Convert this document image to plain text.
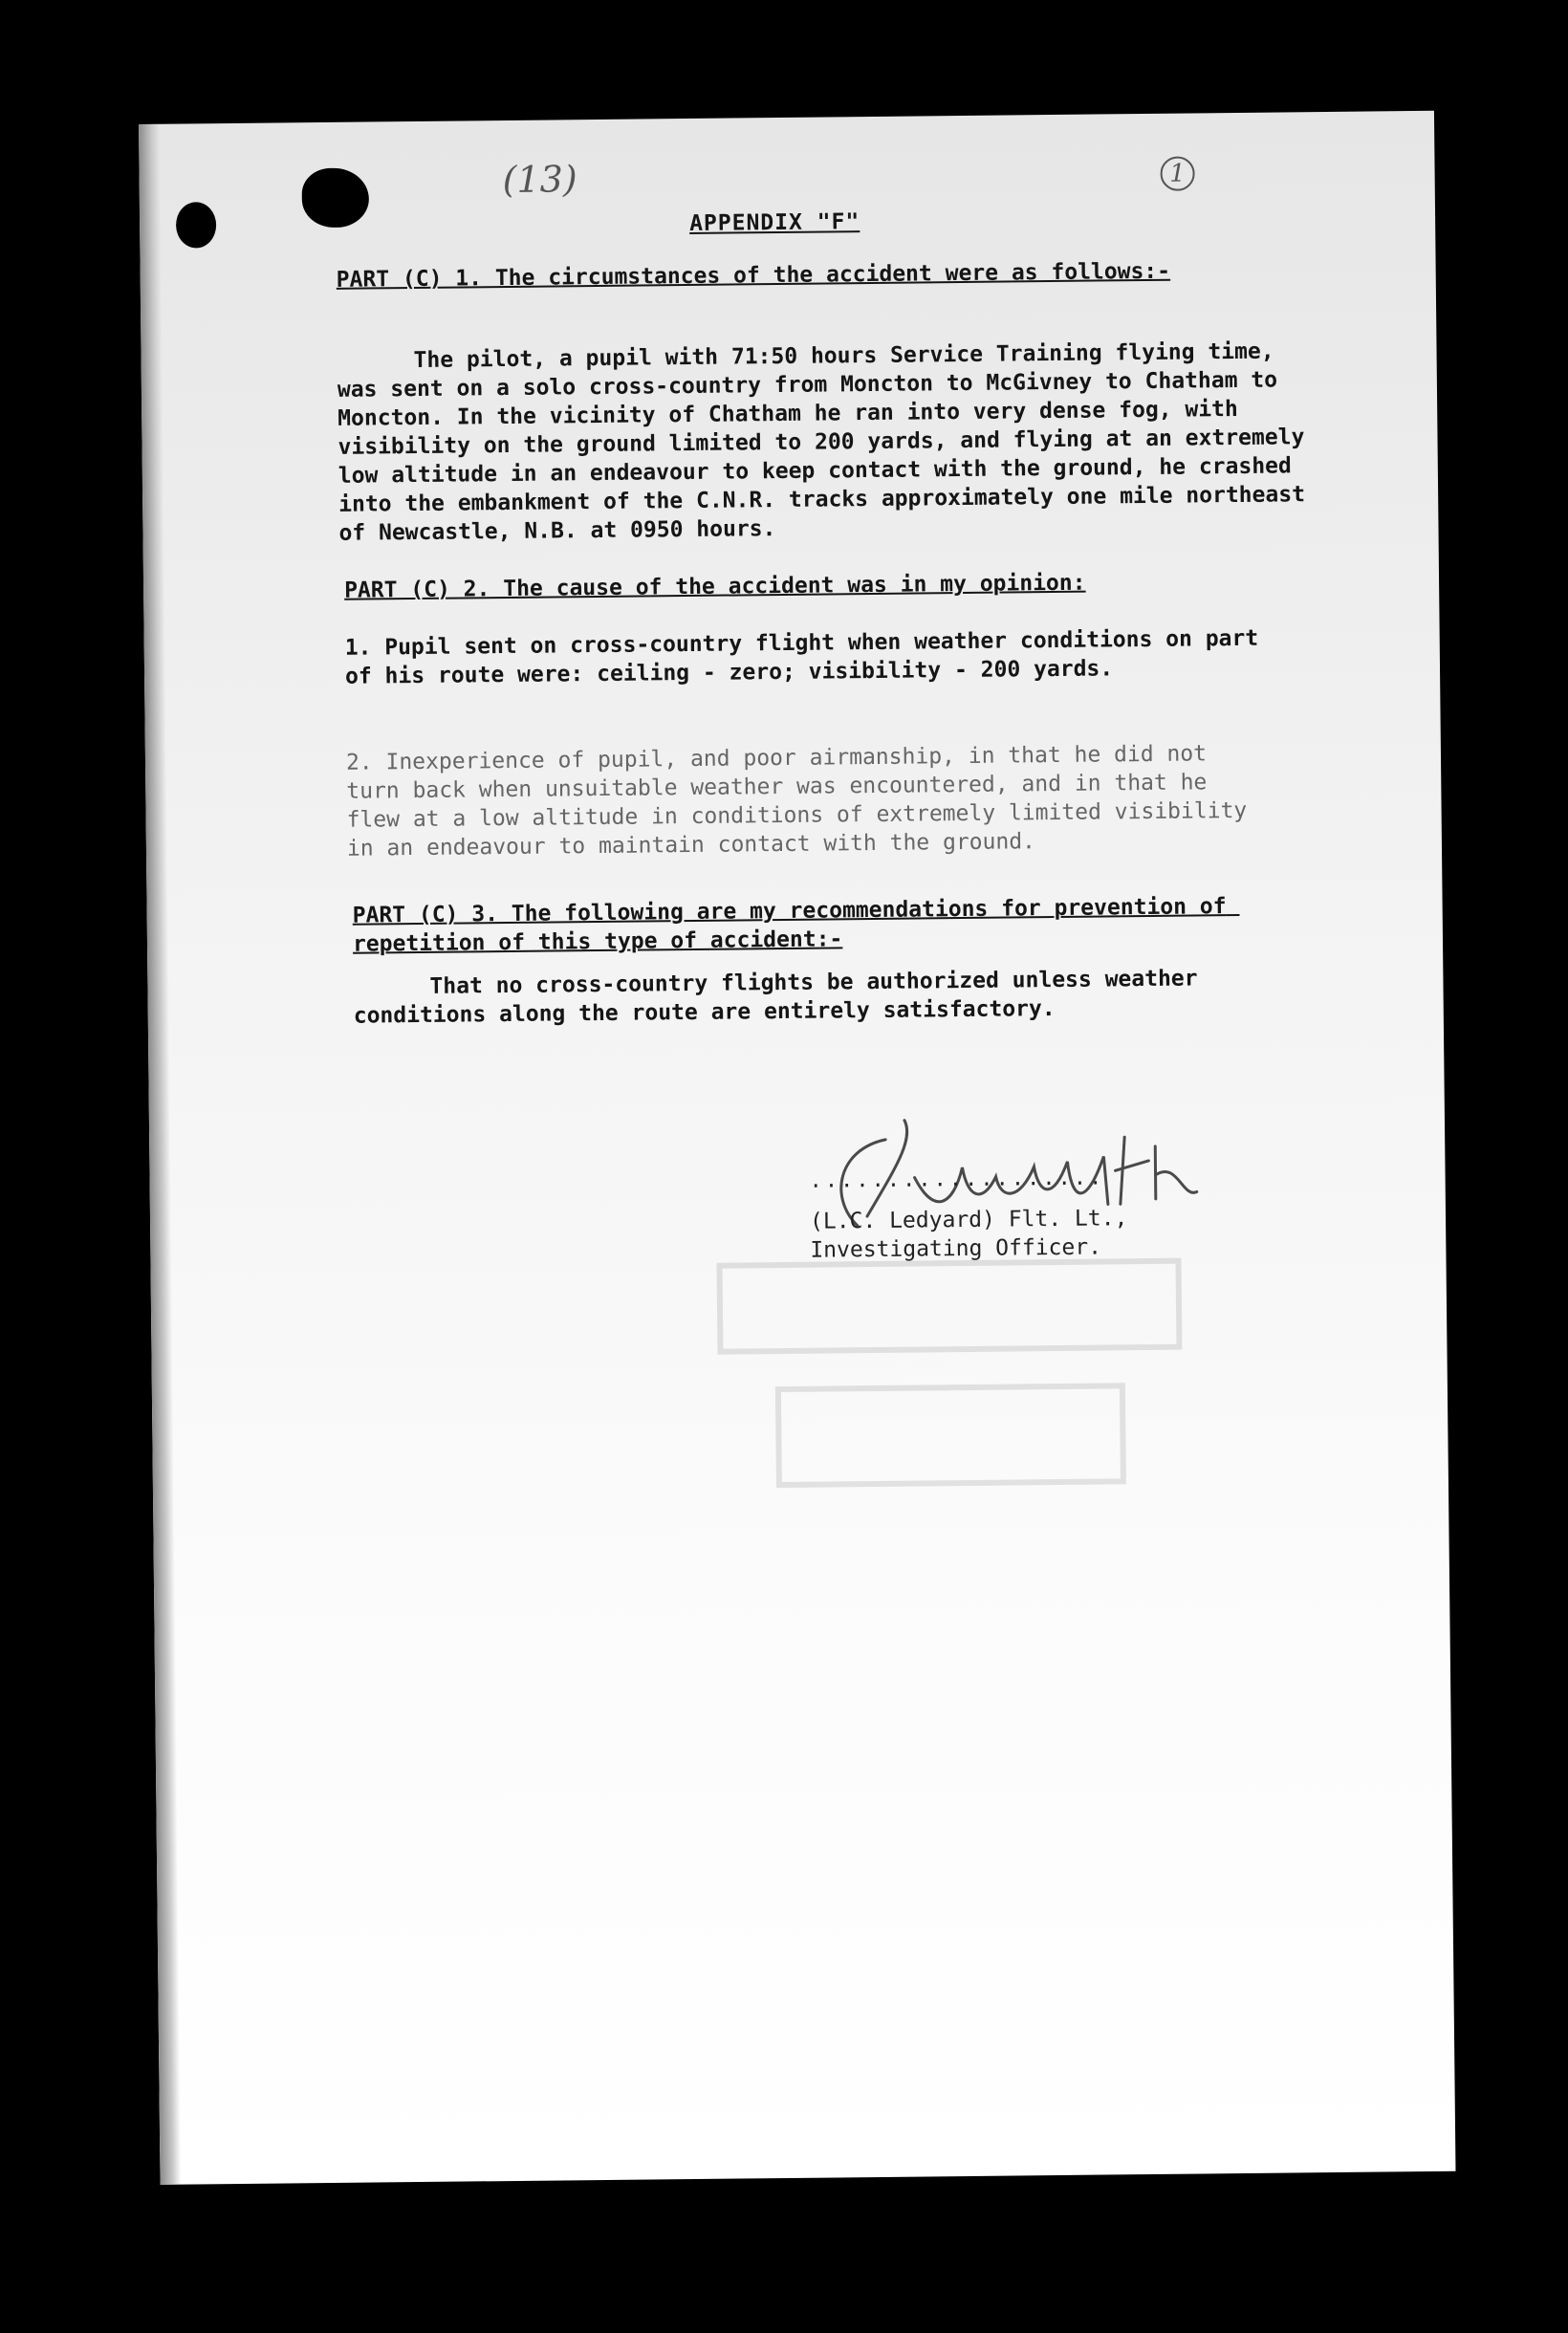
(13)	1
APPENDIX "F"
PART (C) 1. The circumstances of the accident were as follows:-
The pilot, a pupil with 71:50 hours Service Training flying time, was sent on a solo cross-country from Moncton to McGivney to Chatham to Moncton. In the vicinity of Chatham he ran into very dense fog, with visibility on the ground limited to 200 yards, and flying at an extremely low altitude in an endeavour to keep contact with the ground, he crashed into the embankment of the C.N.R. tracks approximately one mile northeast of Newcastle, N.B. at 0950 hours.
PART (C) 2. The cause of the accident was in my opinion:
1. Pupil sent on cross-country flight when weather conditions on part of his route were: ceiling - zero; visibility - 200 yards.
2. Inexperience of pupil, and poor airmanship, in that he did not turn back when unsuitable weather was encountered, and in that he flew at a low altitude in conditions of extremely limited visibility in an endeavour to maintain contact with the ground.
PART (C) 3. The following are my recommendations for prevention of repetition of this type of accident:-
That no cross-country flights be authorized unless weather conditions along the route are entirely satisfactory.
...................
(L.C. Ledyard) Flt. Lt.,
Investigating Officer.
